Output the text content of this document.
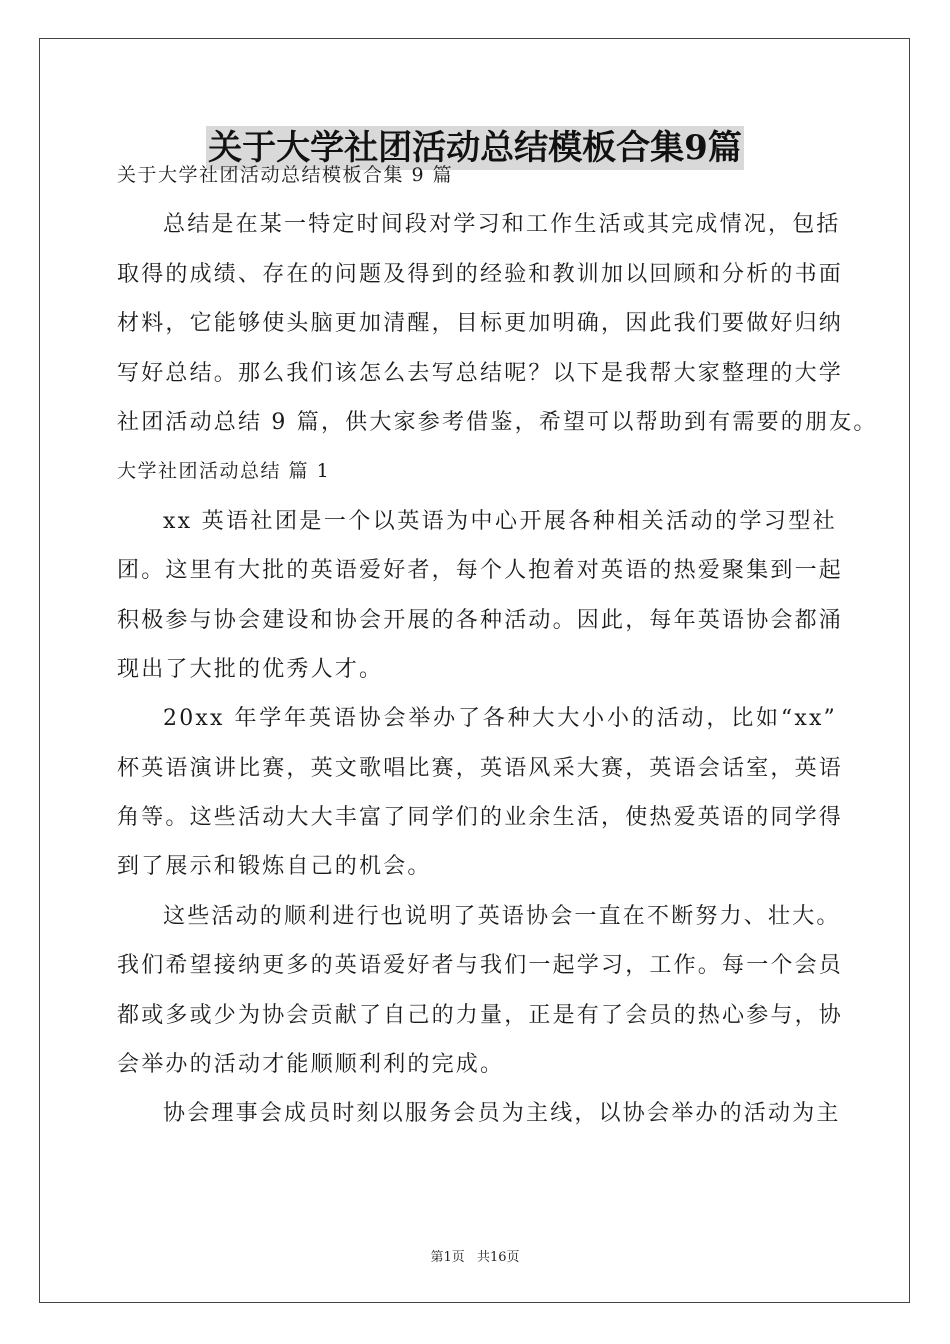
关于大学社团活动总结模板合集9篇
关于大学社团活动总结模板合集 9 篇
总结是在某一特定时间段对学习和工作生活或其完成情况，包括
取得的成绩、存在的问题及得到的经验和教训加以回顾和分析的书面
材料，它能够使头脑更加清醒，目标更加明确，因此我们要做好归纳
写好总结。那么我们该怎么去写总结呢？以下是我帮大家整理的大学
社团活动总结 9 篇，供大家参考借鉴，希望可以帮助到有需要的朋友。
大学社团活动总结 篇 1
xx 英语社团是一个以英语为中心开展各种相关活动的学习型社
团。这里有大批的英语爱好者，每个人抱着对英语的热爱聚集到一起
积极参与协会建设和协会开展的各种活动。因此，每年英语协会都涌
现出了大批的优秀人才。
20xx 年学年英语协会举办了各种大大小小的活动，比如“xx”
杯英语演讲比赛，英文歌唱比赛，英语风采大赛，英语会话室，英语
角等。这些活动大大丰富了同学们的业余生活，使热爱英语的同学得
到了展示和锻炼自己的机会。
这些活动的顺利进行也说明了英语协会一直在不断努力、壮大。
我们希望接纳更多的英语爱好者与我们一起学习，工作。每一个会员
都或多或少为协会贡献了自己的力量，正是有了会员的热心参与，协
会举办的活动才能顺顺利利的完成。
协会理事会成员时刻以服务会员为主线，以协会举办的活动为主
第1页 共16页
